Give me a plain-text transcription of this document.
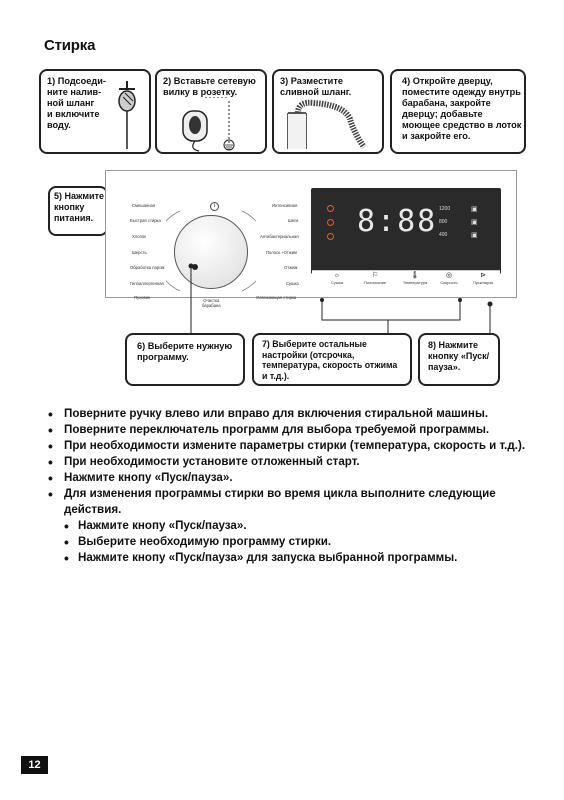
Стирка
1) Подсоеди-
ните налив-
ной шланг
и включите
воду.
2) Вставьте сетевую
вилку в розетку.
3) Разместите
сливной шланг.
4) Откройте дверцу,
поместите одежду внутрь
барабана, закройте
дверцу; добавьте
моющее средство в лоток
и закройте его.
5) Нажмите
кнопку
питания.
Смешанная
Быстрая стирка
Хлопок
Шерсть
Обработка паром
Гипоаллергенная
Пуховик
Интенсивная
Шелк
Антибактериальная
Полоск.+Отжим
Отжим
Сушка
Освежающая стирка
Очистка
барабана
i	8:88 1200
800
400
▣
▣
▣
☼
Сушка
⚐
Полоскание
🌡
Температура
◎
Скорость
⊳
Пуск/пауза
6) Выберите нужную
программу.
7) Выберите остальные
настройки (отсрочка,
температура, скорость отжима
и т.д.).
8) Нажмите
кнопку «Пуск/
пауза».
• Поверните ручку влево или вправо для включения стиральной машины.
• Поверните переключатель программ для выбора требуемой программы.
• При необходимости измените параметры стирки (температура, скорость и т.д.).
• При необходимости установите отложенный старт.
• Нажмите кнопу «Пуск/пауза».
• Для изменения программы стирки во время цикла выполните следующие действия.
• Нажмите кнопу «Пуск/пауза».
• Выберите необходимую программу стирки.
• Нажмите кнопу «Пуск/пауза» для запуска выбранной программы.
12
